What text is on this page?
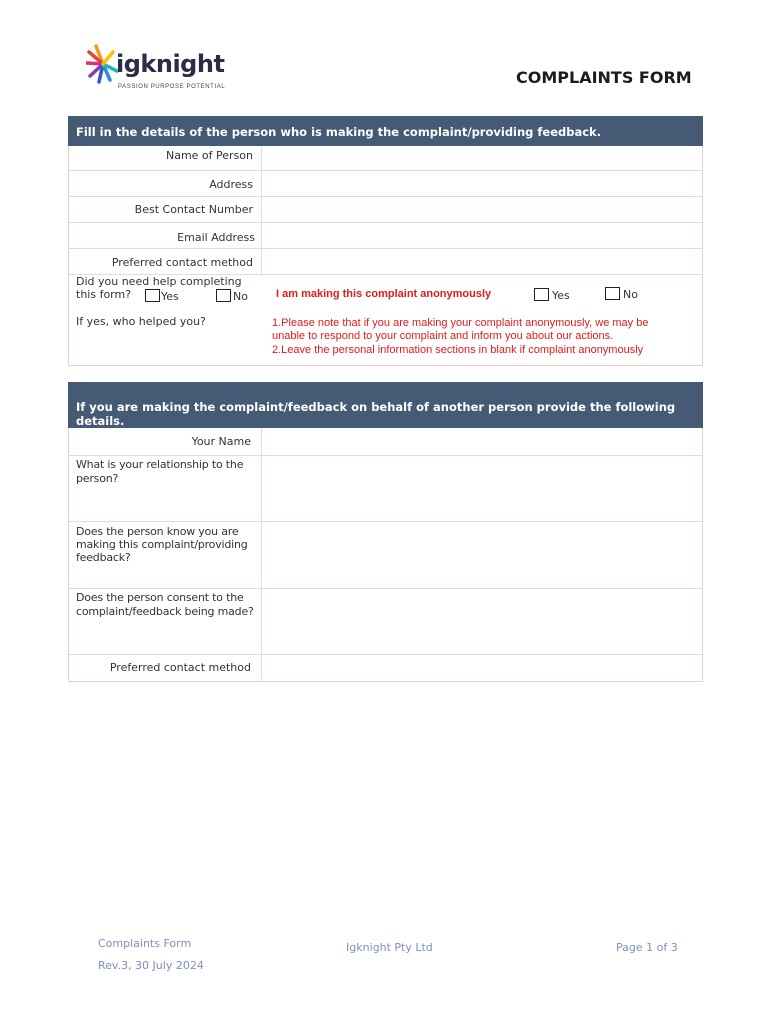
igknight
PASSION PURPOSE POTENTIAL	COMPLAINTS FORM
Fill in the details of the person who is making the complaint/providing feedback.
Name of Person
Address
Best Contact Number
Email Address
Preferred contact method
Did you need help completing
this form?	Yes	No	I am making this complaint anonymously	Yes	No
If yes, who helped you?	1.Please note that if you are making your complaint anonymously, we may be
unable to respond to your complaint and inform you about our actions.
2.Leave the personal information sections in blank if complaint anonymously
If you are making the complaint/feedback on behalf of another person provide the following details.
Your Name
What is your relationship to the
person?
Does the person know you are
making this complaint/providing
feedback?
Does the person consent to the
complaint/feedback being made?
Preferred contact method
Complaints Form
Rev.3, 30 July 2024
Igknight Pty Ltd	Page 1 of 3
